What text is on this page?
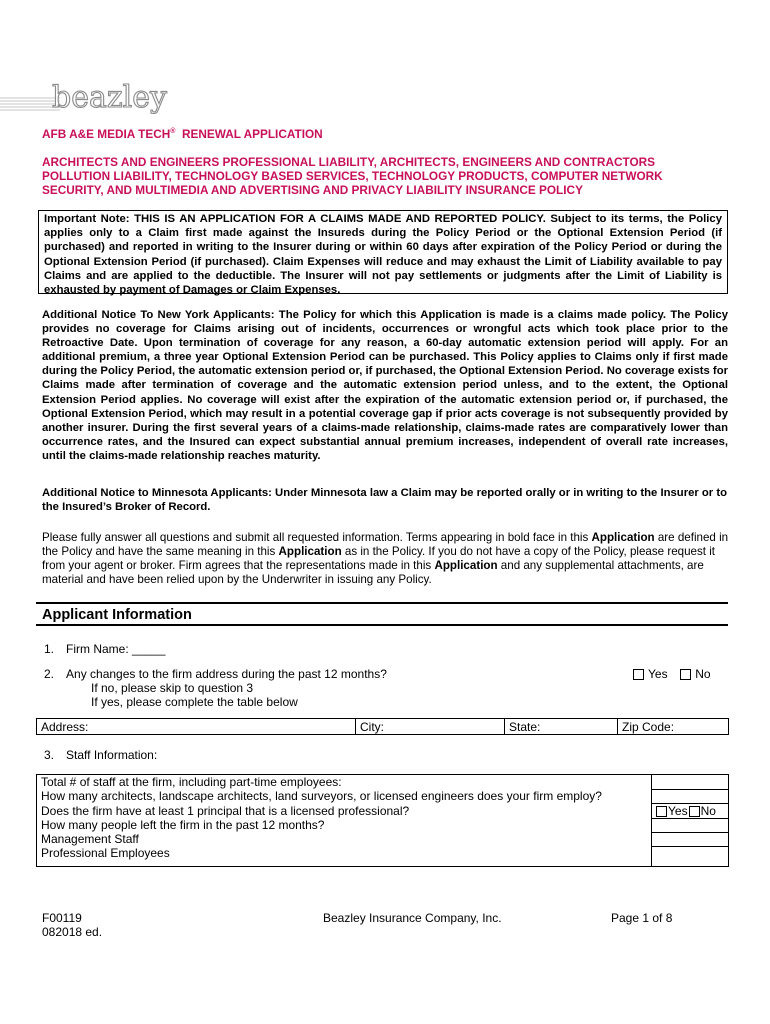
beazley
AFB A&E MEDIA TECH® RENEWAL APPLICATION
ARCHITECTS AND ENGINEERS PROFESSIONAL LIABILITY, ARCHITECTS, ENGINEERS AND CONTRACTORS
POLLUTION LIABILITY, TECHNOLOGY BASED SERVICES, TECHNOLOGY PRODUCTS, COMPUTER NETWORK
SECURITY, AND MULTIMEDIA AND ADVERTISING AND PRIVACY LIABILITY INSURANCE POLICY
Important Note: THIS IS AN APPLICATION FOR A CLAIMS MADE AND REPORTED POLICY. Subject to its terms, the Policy applies only to a Claim first made against the Insureds during the Policy Period or the Optional Extension Period (if purchased) and reported in writing to the Insurer during or within 60 days after expiration of the Policy Period or during the Optional Extension Period (if purchased). Claim Expenses will reduce and may exhaust the Limit of Liability available to pay Claims and are applied to the deductible. The Insurer will not pay settlements or judgments after the Limit of Liability is exhausted by payment of Damages or Claim Expenses.
Additional Notice To New York Applicants: The Policy for which this Application is made is a claims made policy. The Policy provides no coverage for Claims arising out of incidents, occurrences or wrongful acts which took place prior to the Retroactive Date. Upon termination of coverage for any reason, a 60-day automatic extension period will apply. For an additional premium, a three year Optional Extension Period can be purchased. This Policy applies to Claims only if first made during the Policy Period, the automatic extension period or, if purchased, the Optional Extension Period. No coverage exists for Claims made after termination of coverage and the automatic extension period unless, and to the extent, the Optional Extension Period applies. No coverage will exist after the expiration of the automatic extension period or, if purchased, the Optional Extension Period, which may result in a potential coverage gap if prior acts coverage is not subsequently provided by another insurer. During the first several years of a claims-made relationship, claims-made rates are comparatively lower than occurrence rates, and the Insured can expect substantial annual premium increases, independent of overall rate increases, until the claims-made relationship reaches maturity.
Additional Notice to Minnesota Applicants: Under Minnesota law a Claim may be reported orally or in writing to the Insurer or to the Insured’s Broker of Record.
Please fully answer all questions and submit all requested information. Terms appearing in bold face in this Application are defined in the Policy and have the same meaning in this Application as in the Policy. If you do not have a copy of the Policy, please request it from your agent or broker. Firm agrees that the representations made in this Application and any supplemental attachments, are material and have been relied upon by the Underwriter in issuing any Policy.
Applicant Information
1. Firm Name: _____
2. Any changes to the firm address during the past 12 months?	Yes No
If no, please skip to question 3
If yes, please complete the table below
Address:	City:	State:	Zip Code:
3. Staff Information:
Total # of staff at the firm, including part-time employees:	
How many architects, landscape architects, land surveyors, or licensed engineers does your firm employ?	
Does the firm have at least 1 principal that is a licensed professional?	Yes No
How many people left the firm in the past 12 months?	
Management Staff	
Professional Employees	
F00119
082018 ed.
Beazley Insurance Company, Inc.	Page 1 of 8
